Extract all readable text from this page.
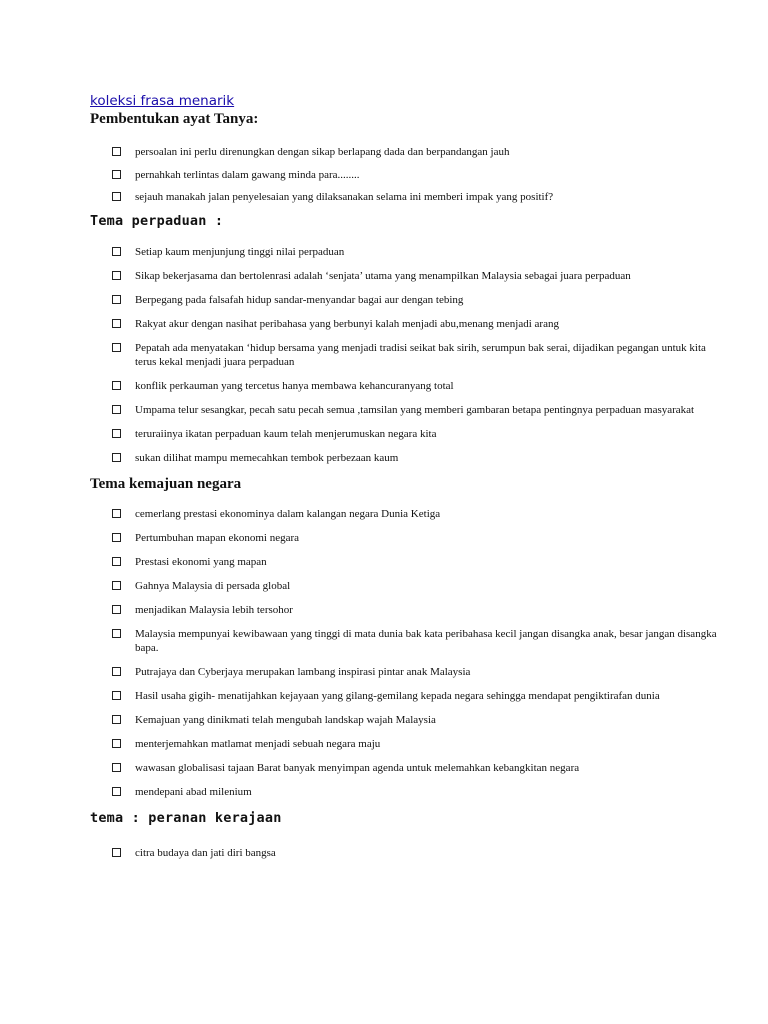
koleksi frasa menarik
Pembentukan ayat Tanya:
persoalan ini perlu direnungkan dengan sikap berlapang dada dan berpandangan jauh
pernahkah terlintas dalam gawang minda para........
sejauh manakah jalan penyelesaian yang dilaksanakan selama ini memberi impak yang positif?
Tema perpaduan :
Setiap kaum menjunjung tinggi nilai perpaduan
Sikap bekerjasama dan bertolenrasi adalah ‘senjata’ utama yang menampilkan Malaysia sebagai juara perpaduan
Berpegang pada falsafah hidup sandar-menyandar bagai aur dengan tebing
Rakyat akur dengan nasihat peribahasa yang berbunyi kalah menjadi abu,menang menjadi arang
Pepatah ada menyatakan ‘hidup bersama yang menjadi tradisi seikat bak sirih, serumpun bak serai, dijadikan pegangan untuk kita terus kekal menjadi juara perpaduan
konflik perkauman yang tercetus hanya membawa kehancuranyang total
Umpama telur sesangkar, pecah satu pecah semua ,tamsilan yang memberi gambaran betapa pentingnya perpaduan masyarakat
teruraiinya ikatan perpaduan kaum telah menjerumuskan negara kita
sukan dilihat mampu memecahkan tembok perbezaan kaum
Tema kemajuan negara
cemerlang prestasi ekonominya dalam kalangan negara Dunia Ketiga
Pertumbuhan mapan ekonomi negara
Prestasi ekonomi yang mapan
Gahnya Malaysia di persada global
menjadikan Malaysia lebih tersohor
Malaysia mempunyai kewibawaan yang tinggi di mata dunia bak kata peribahasa kecil jangan disangka anak, besar jangan disangka bapa.
Putrajaya dan Cyberjaya merupakan lambang inspirasi pintar anak Malaysia
Hasil usaha gigih- menatijahkan kejayaan yang gilang-gemilang kepada negara sehingga mendapat pengiktirafan dunia
Kemajuan yang dinikmati telah mengubah landskap wajah Malaysia
menterjemahkan matlamat menjadi sebuah negara maju
wawasan globalisasi tajaan Barat banyak menyimpan agenda untuk melemahkan kebangkitan negara
mendepani abad milenium
tema : peranan kerajaan
citra budaya dan jati diri bangsa
